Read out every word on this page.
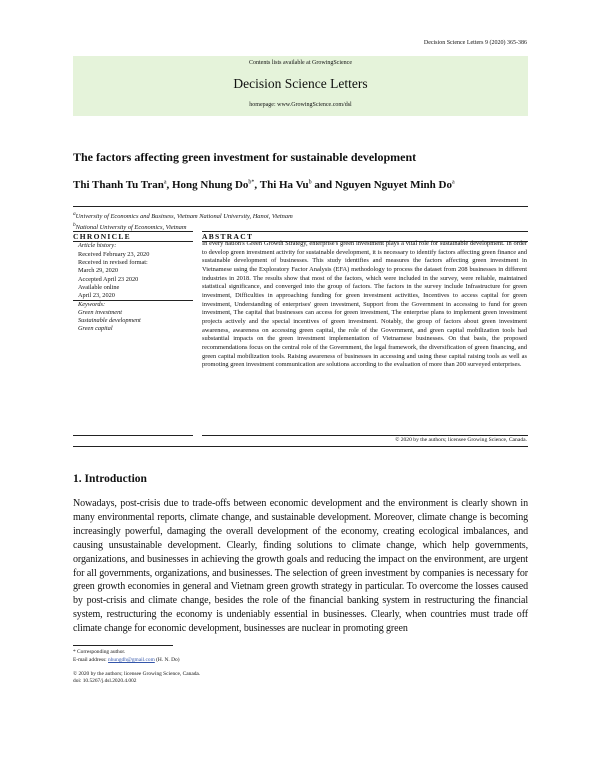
Decision Science Letters 9 (2020) 365-386
Contents lists available at GrowingScience
Decision Science Letters
homepage: www.GrowingScience.com/dsl
The factors affecting green investment for sustainable development
Thi Thanh Tu Tran$^a$, Hong Nhung $Do^{b*}$, Thi Ha Vu$^b$ and Nguyen Nguyet Minh Do$^a$
$^a$University of Economics and Business, Vietnam National University, Hanoi, Vietnam
$^b$National University of Economics, Vietnam
CHRONICLE	ABSTRACT
Article history:
Received February 23, 2020
Received in revised format:
March 29, 2020
Accepted April 23 2020
Available online
April 23, 2020
Keywords:
Green investment
Sustainable development
Green capital
In every nation's Green Growth Strategy, enterprise's green investment plays a vital role for sustainable development. In order to develop green investment activity for sustainable development, it is necessary to identify factors affecting green finance and sustainable development of businesses. This study identifies and measures the factors affecting green investment in Vietnamese using the Exploratory Factor Analysis (EFA) methodology to process the dataset from 208 businesses in different industries in 2018. The results show that most of the factors, which were included in the survey, were reliable, maintained statistical significance, and converged into the group of factors. The factors in the survey include Infrastructure for green investment, Difficulties in approaching funding for green investment activities, Incentives to access capital for green investment, Understanding of enterprises' green investment, Support from the Government in accessing to fund for green investment, The capital that businesses can access for green investment, The enterprise plans to implement green investment projects actively and the special incentives of green investment. Notably, the group of factors about green investment awareness, awareness on accessing green capital, the role of the Government, and green capital mobilization tools had substantial impacts on the green investment implementation of Vietnamese businesses. On that basis, the proposed recommendations focus on the central role of the Government, the legal framework, the diversification of green financing, and green capital mobilization tools. Raising awareness of businesses in accessing and using these capital raising tools as well as promoting green investment communication are solutions according to the evaluation of more than 200 surveyed enterprises.
© 2020 by the authors; licensee Growing Science, Canada.
1. Introduction
Nowadays, post-crisis due to trade-offs between economic development and the environment is clearly shown in many environmental reports, climate change, and sustainable development. Moreover, climate change is becoming increasingly powerful, damaging the overall development of the economy, creating ecological imbalances, and causing unsustainable development. Clearly, finding solutions to climate change, which help governments, organizations, and businesses in achieving the growth goals and reducing the impact on the environment, are urgent for all governments, organizations, and businesses. The selection of green investment by companies is necessary for green growth economies in general and Vietnam green growth strategy in particular. To overcome the losses caused by post-crisis and climate change, besides the role of the financial banking system in restructuring the financial system, restructuring the economy is undeniably essential in businesses. Clearly, when countries must trade off climate change for economic development, businesses are nuclear in promoting green
* Corresponding author.
E-mail address: nhungdh@gmail.com (H. N. Do)
© 2020 by the authors; licensee Growing Science, Canada.
doi: 10.5267/j.dsl.2020.4.002
